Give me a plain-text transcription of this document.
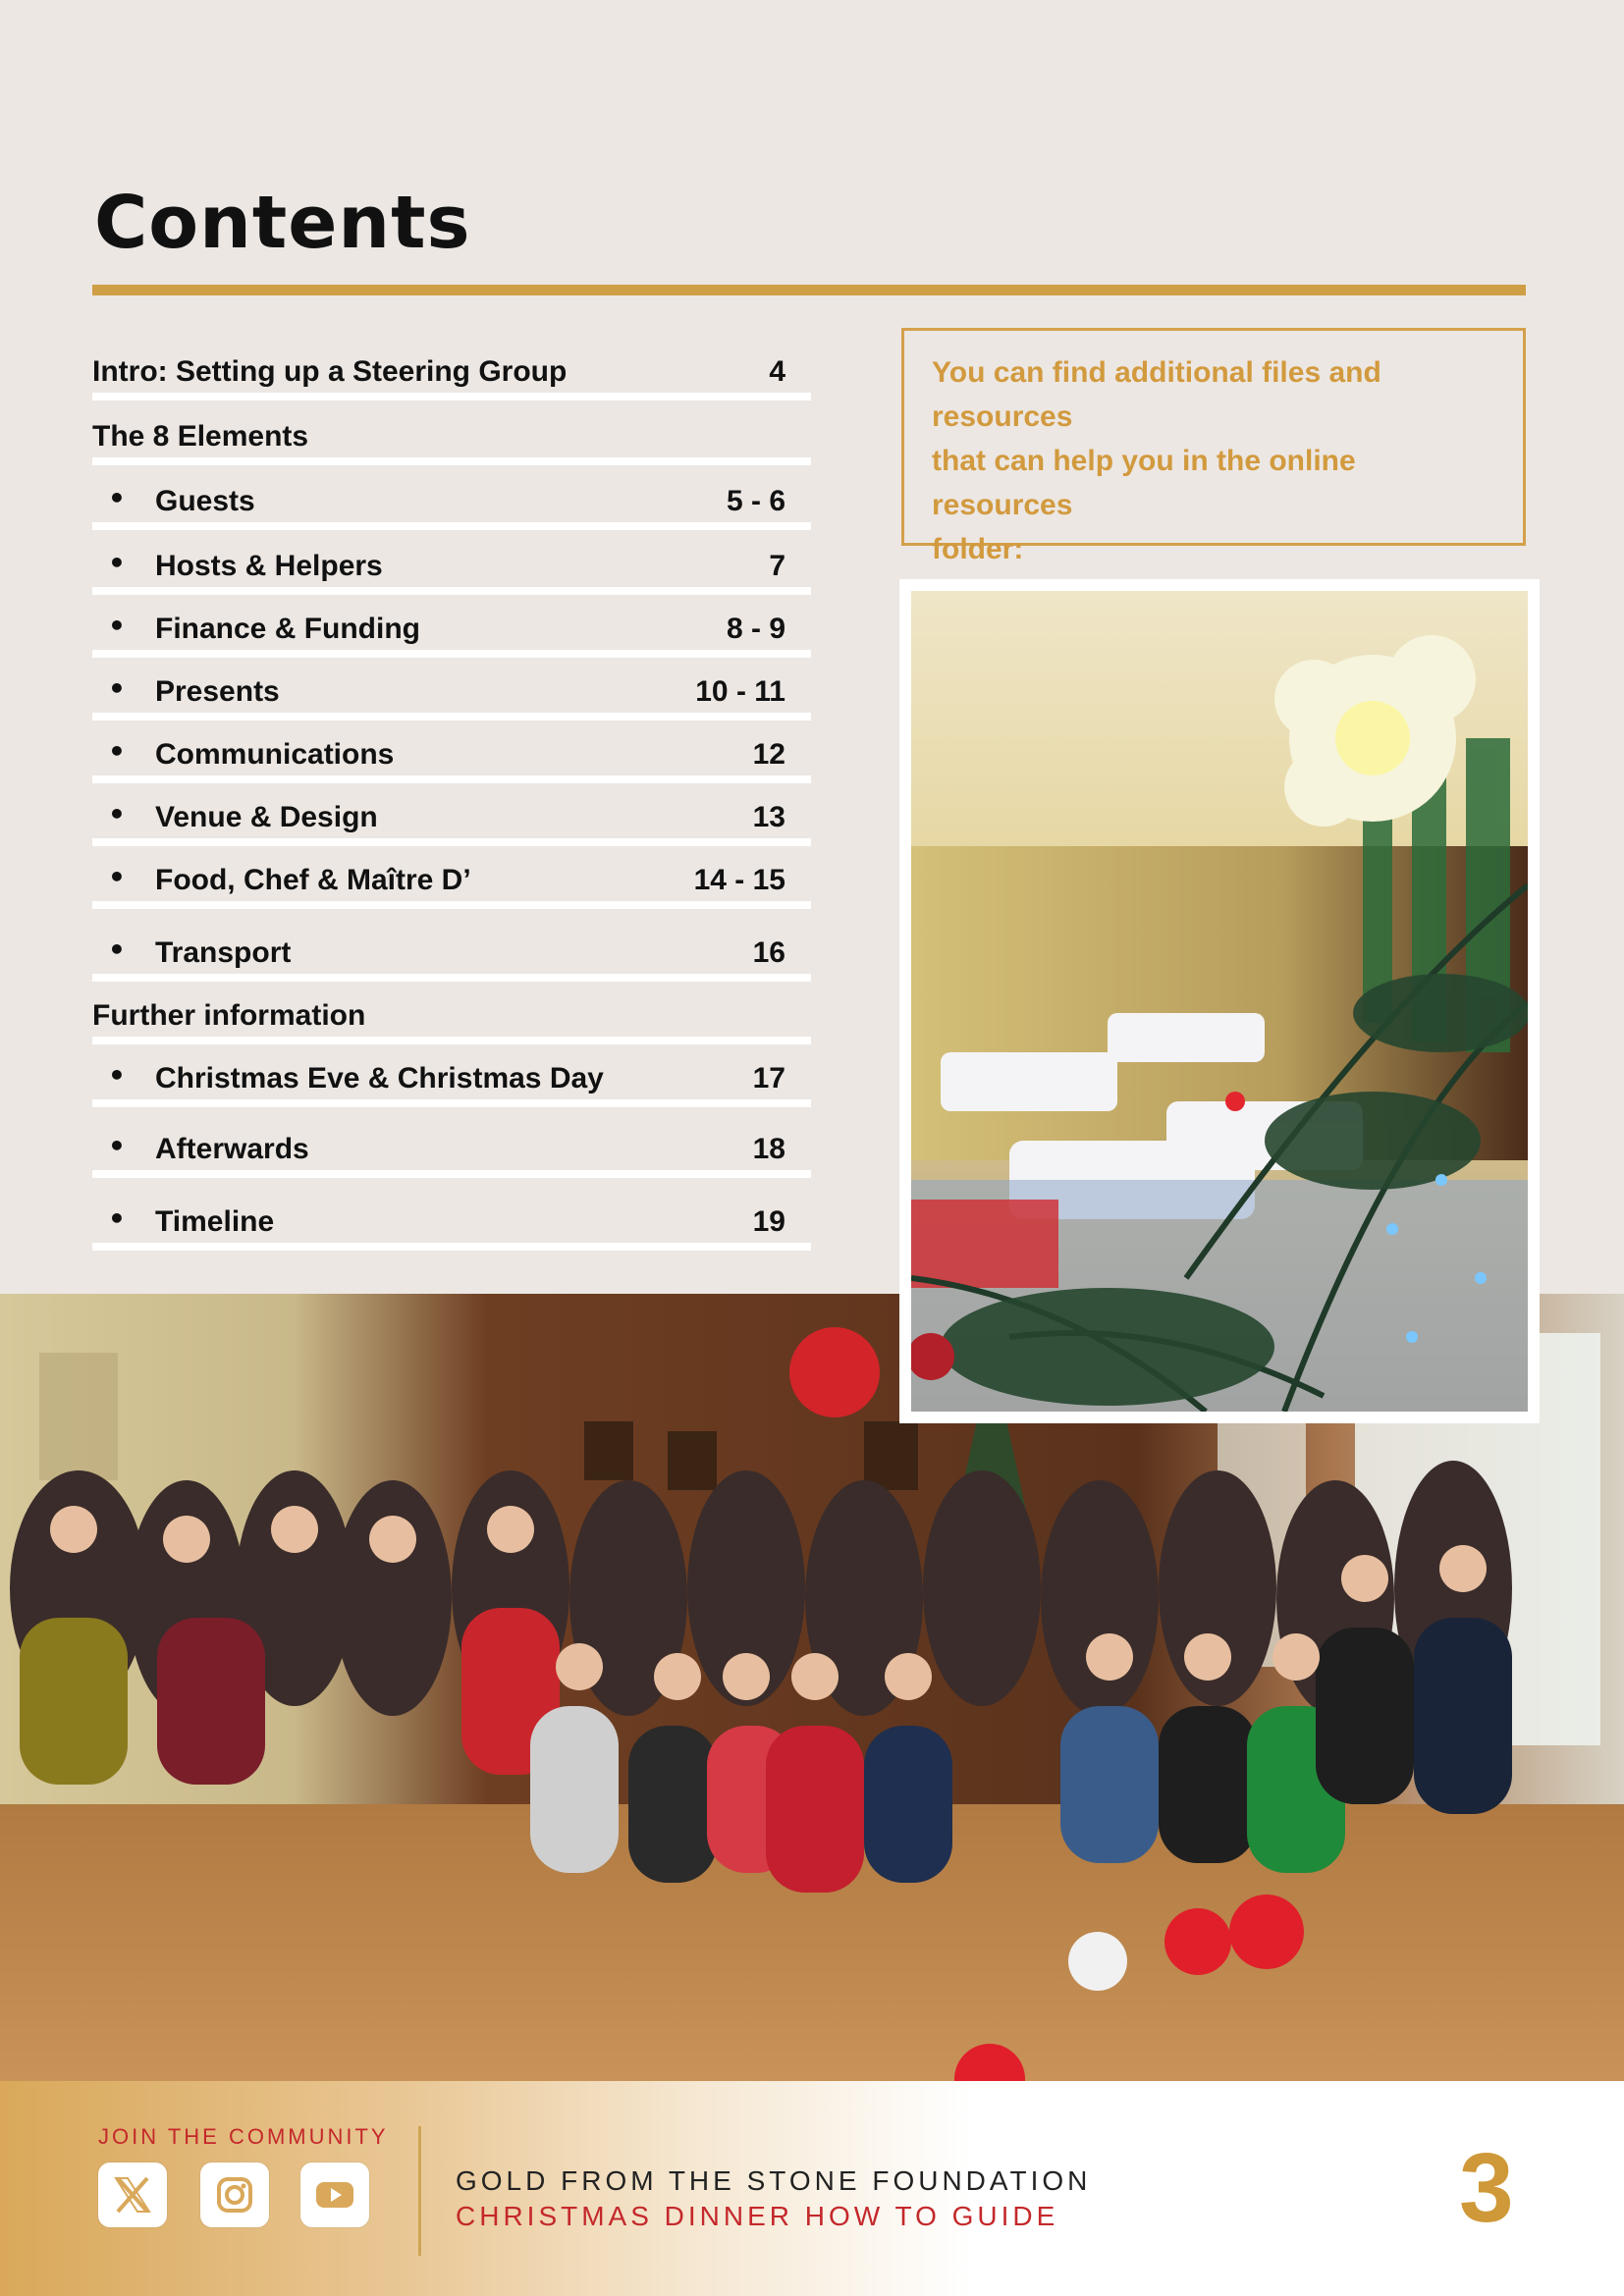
Contents
Intro: Setting up a Steering Group	4
The 8 Elements
• Guests	5 - 6
• Hosts & Helpers	7
• Finance & Funding	8 - 9
• Presents	10 - 11
• Communications	12
• Venue & Design	13
• Food, Chef & Maître D’	14 - 15
• Transport	16
Further information
• Christmas Eve & Christmas Day	17
• Afterwards	18
• Timeline	19
You can find additional files and resources
that can help you in the online resources
folder:
JOIN THE COMMUNITY
GOLD FROM THE STONE FOUNDATION
CHRISTMAS DINNER HOW TO GUIDE	3
